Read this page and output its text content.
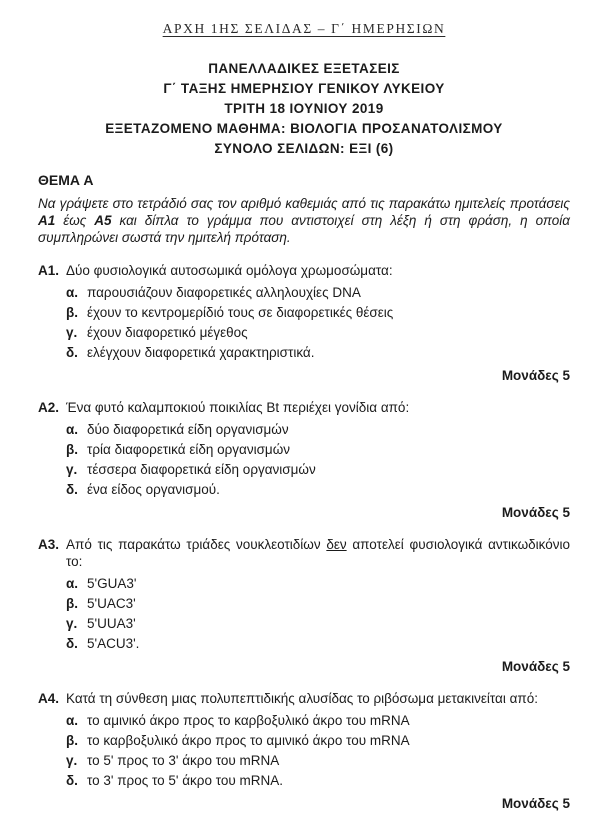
ΑΡΧΗ 1ΗΣ ΣΕΛΙΔΑΣ – Γ΄ ΗΜΕΡΗΣΙΩΝ
ΠΑΝΕΛΛΑΔΙΚΕΣ ΕΞΕΤΑΣΕΙΣ
Γ΄ ΤΑΞΗΣ ΗΜΕΡΗΣΙΟΥ ΓΕΝΙΚΟΥ ΛΥΚΕΙΟΥ
ΤΡΙΤΗ 18 ΙΟΥΝΙΟΥ 2019
ΕΞΕΤΑΖΟΜΕΝΟ ΜΑΘΗΜΑ: ΒΙΟΛΟΓΙΑ ΠΡΟΣΑΝΑΤΟΛΙΣΜΟΥ
ΣΥΝΟΛΟ ΣΕΛΙΔΩΝ: ΕΞΙ (6)
ΘΕΜΑ Α
Να γράψετε στο τετράδιό σας τον αριθμό καθεμιάς από τις παρακάτω ημιτελείς προτάσεις Α1 έως Α5 και δίπλα το γράμμα που αντιστοιχεί στη λέξη ή στη φράση, η οποία συμπληρώνει σωστά την ημιτελή πρόταση.
Α1. Δύο φυσιολογικά αυτοσωμικά ομόλογα χρωμοσώματα:
α. παρουσιάζουν διαφορετικές αλληλουχίες DNA
β. έχουν το κεντρομερίδιό τους σε διαφορετικές θέσεις
γ. έχουν διαφορετικό μέγεθος
δ. ελέγχουν διαφορετικά χαρακτηριστικά.
Μονάδες 5
Α2. Ένα φυτό καλαμποκιού ποικιλίας Bt περιέχει γονίδια από:
α. δύο διαφορετικά είδη οργανισμών
β. τρία διαφορετικά είδη οργανισμών
γ. τέσσερα διαφορετικά είδη οργανισμών
δ. ένα είδος οργανισμού.
Μονάδες 5
Α3. Από τις παρακάτω τριάδες νουκλεοτιδίων δεν αποτελεί φυσιολογικά αντικωδικόνιο το:
α. 5'GUA3'
β. 5'UAC3'
γ. 5'UUA3'
δ. 5'ACU3'.
Μονάδες 5
Α4. Κατά τη σύνθεση μιας πολυπεπτιδικής αλυσίδας το ριβόσωμα μετακινείται από:
α. το αμινικό άκρο προς το καρβοξυλικό άκρο του mRNA
β. το καρβοξυλικό άκρο προς το αμινικό άκρο του mRNA
γ. το 5' προς το 3' άκρο του mRNA
δ. το 3' προς το 5' άκρο του mRNA.
Μονάδες 5
